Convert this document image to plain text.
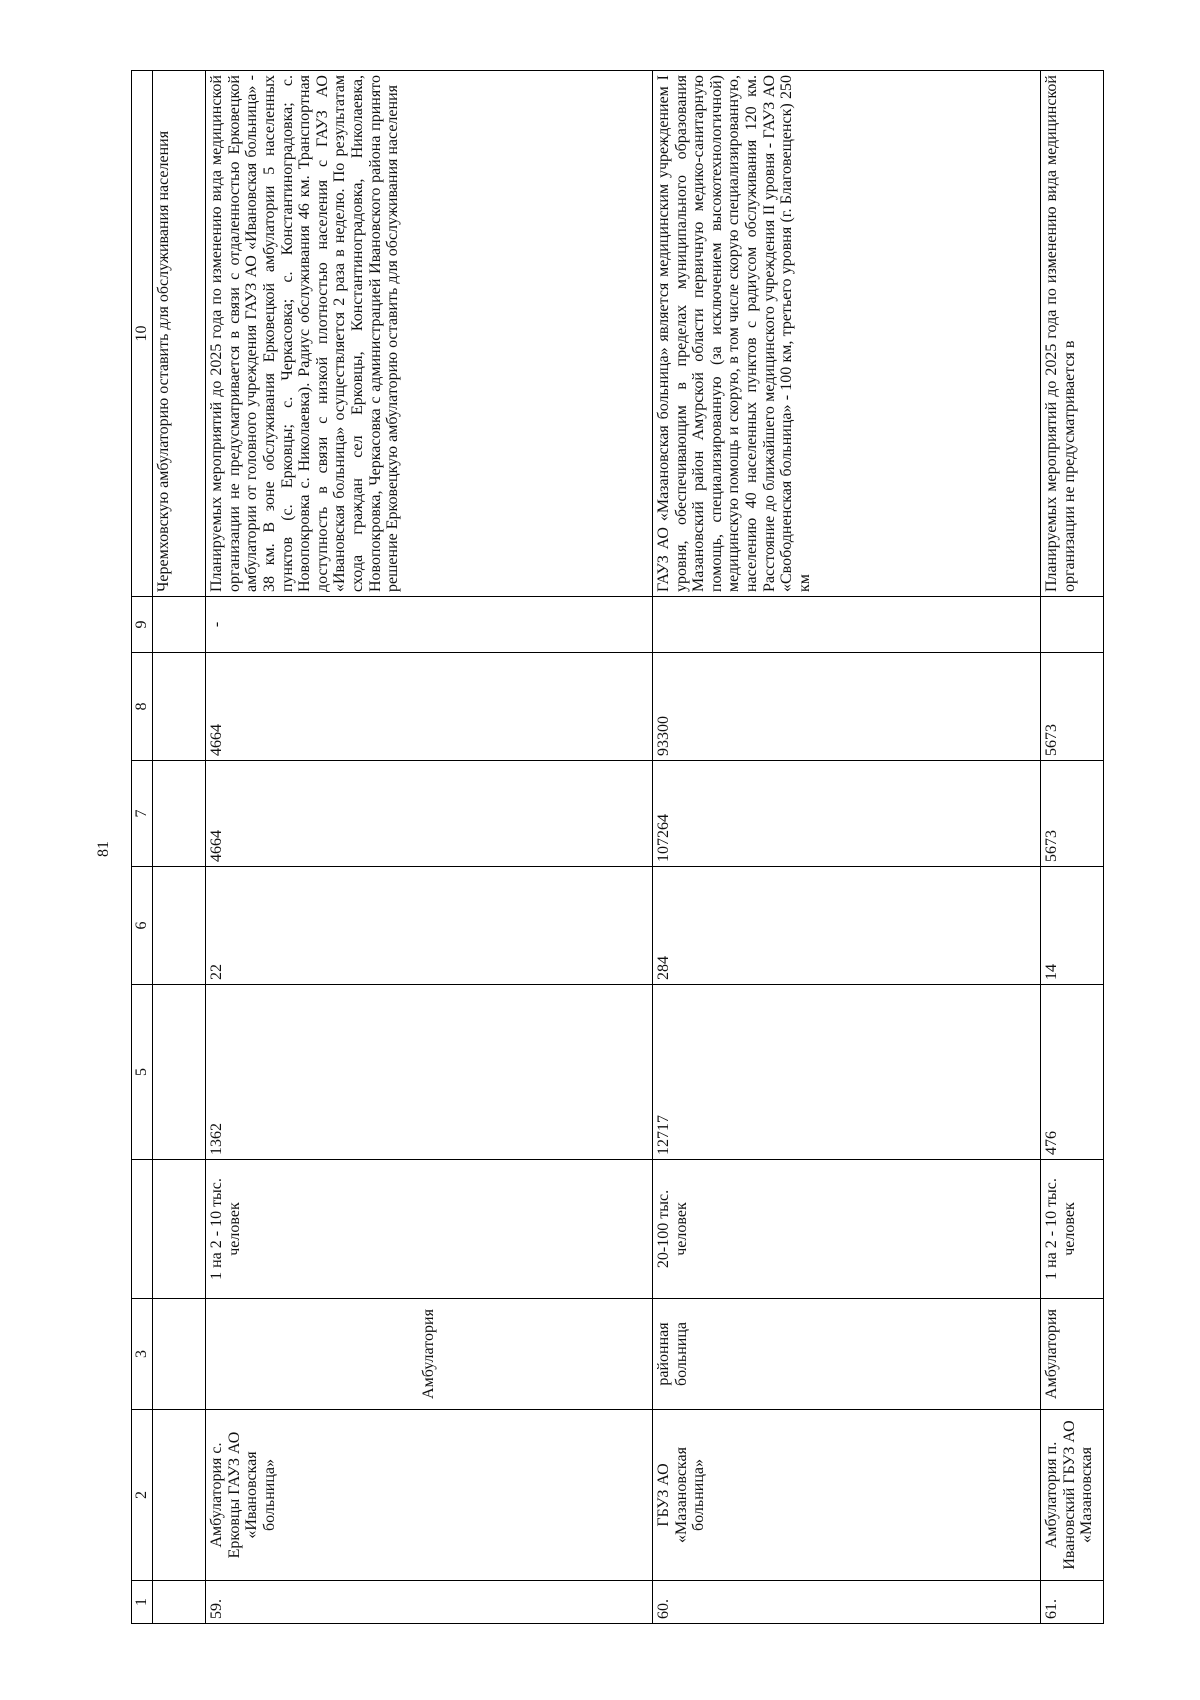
81
1	2	3		5	6	7	8	9	10
									Черемховскую амбулаторию оставить для обслуживания населения
59.	Амбулатория с. Ерковцы ГАУЗ АО «Ивановская больница»	Амбулатория	1 на 2 - 10 тыс. человек	1362	22	4664	4664	-	Планируемых мероприятий до 2025 года по изменению вида медицинской организации не предусматривается в связи с отдаленностью Ерковецкой амбулатории от головного учреждения ГАУЗ АО «Ивановская больница» - 38 км. В зоне обслуживания Ерковецкой амбулатории 5 населенных пунктов (с. Ерковцы; с. Черкасовка; с. Константиноградовка; с. Новопокровка с. Николаевка). Радиус обслуживания 46 км. Транспортная доступность в связи с низкой плотностью населения с ГАУЗ АО «Ивановская больница» осуществляется 2 раза в неделю. По результатам схода граждан сел Ерковцы, Константиноградовка, Николаевка, Новопокровка, Черкасовка с администрацией Ивановского района принято решение Ерковецкую амбулаторию оставить для обслуживания населения
60.	ГБУЗ АО «Мазановская больница»	районная больница	20-100 тыс. человек	12717	284	107264	93300		ГАУЗ АО «Мазановская больница» является медицинским учреждением I уровня, обеспечивающим в пределах муниципального образования Мазановский район Амурской области первичную медико-санитарную помощь, специализированную (за исключением высокотехнологичной) медицинскую помощь и скорую, в том числе скорую специализированную, населению 40 населенных пунктов с радиусом обслуживания 120 км. Расстояние до ближайшего медицинского учреждения II уровня - ГАУЗ АО «Свободненская больница» - 100 км, третьего уровня (г. Благовещенск) 250 км
61.	Амбулатория п. Ивановский ГБУЗ АО «Мазановская	Амбулатория	1 на 2 - 10 тыс. человек	476	14	5673	5673		Планируемых мероприятий до 2025 года по изменению вида медицинской организации не предусматривается в
